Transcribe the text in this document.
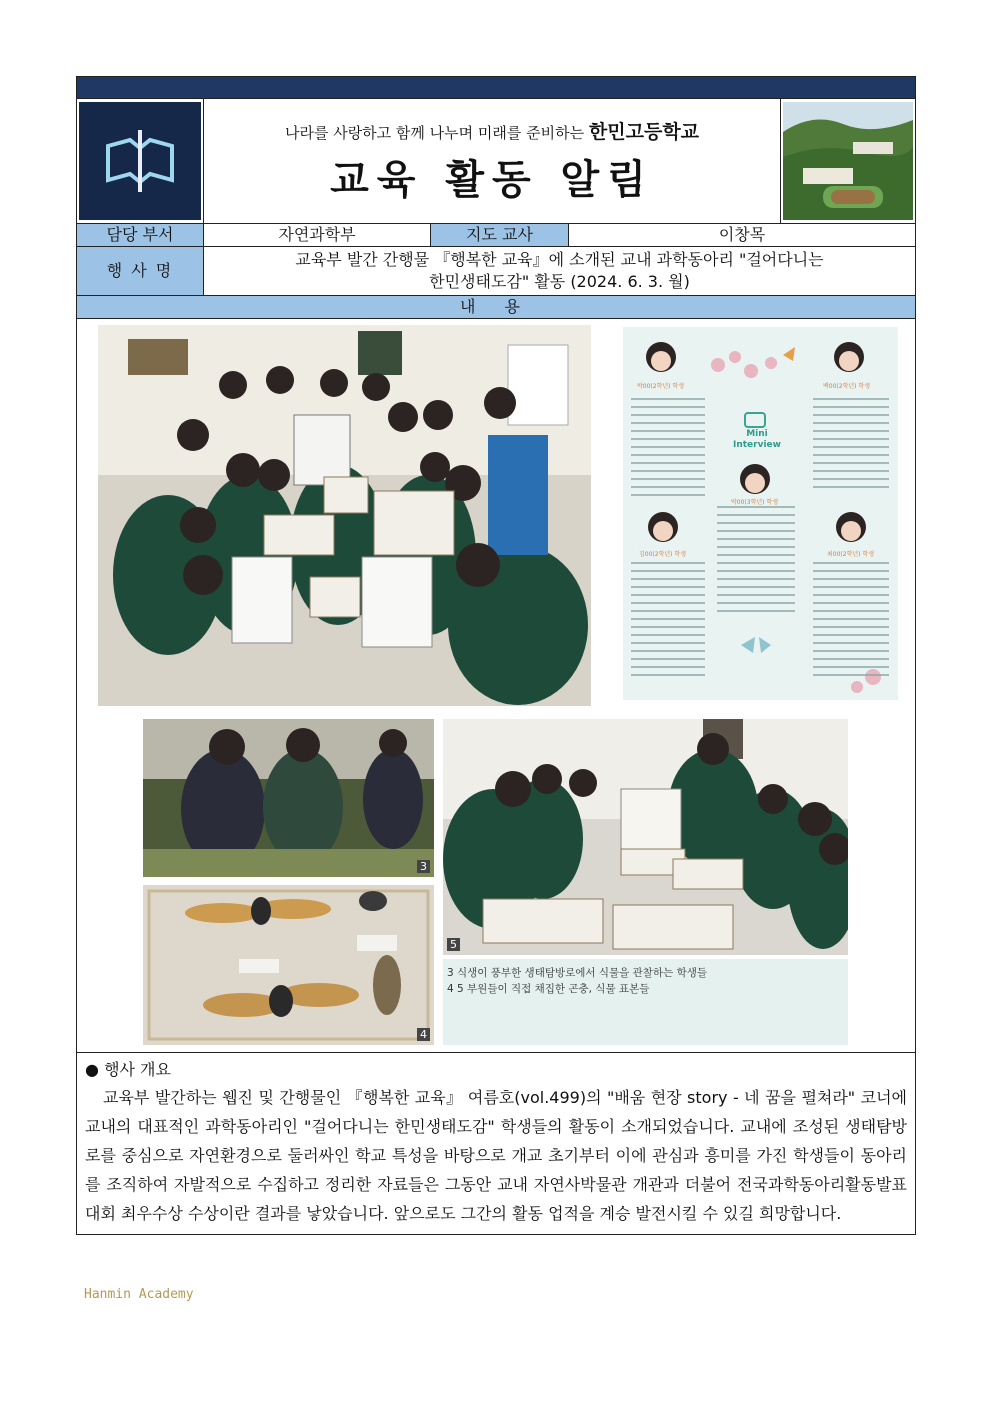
나라를 사랑하고 함께 나누며 미래를 준비하는 한민고등학교
교육 활동 알림
담당 부서	자연과학부	지도 교사	이창목
행 사 명
교육부 발간 간행물 『행복한 교육』에 소개된 교내 과학동아리 "걸어다니는
한민생태도감" 활동 (2024. 6. 3. 월)
내 용
Mini
Interview
박00(2학년) 학생	백00(2학년) 학생
박00(3학년) 학생
김00(2학년) 학생	최00(2학년) 학생
3
4
5
3 식생이 풍부한 생태탐방로에서 식물을 관찰하는 학생들
4 5 부원들이 직접 채집한 곤충, 식물 표본들
● 행사 개요

교육부 발간하는 웹진 및 간행물인 『행복한 교육』 여름호(vol.499)의 "배움 현장 story - 네 꿈을 펼쳐라" 코너에 교내의 대표적인 과학동아리인 "걸어다니는 한민생태도감" 학생들의 활동이 소개되었습니다. 교내에 조성된 생태탐방로를 중심으로 자연환경으로 둘러싸인 학교 특성을 바탕으로 개교 초기부터 이에 관심과 흥미를 가진 학생들이 동아리를 조직하여 자발적으로 수집하고 정리한 자료들은 그동안 교내 자연사박물관 개관과 더불어 전국과학동아리활동발표대회 최우수상 수상이란 결과를 낳았습니다. 앞으로도 그간의 활동 업적을 계승 발전시킬 수 있길 희망합니다.

Hanmin Academy
